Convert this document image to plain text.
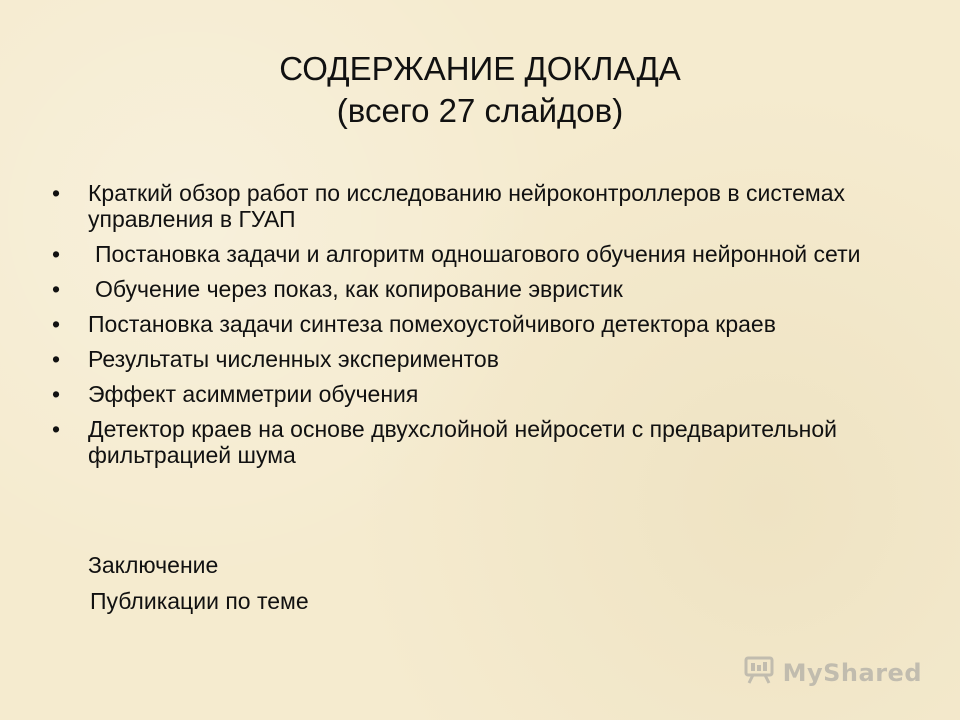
СОДЕРЖАНИЕ ДОКЛАДА
(всего 27 слайдов)
• Краткий обзор работ по исследованию нейроконтроллеров в системах управления в ГУАП
• Постановка задачи и алгоритм одношагового обучения нейронной сети
• Обучение через показ, как копирование эвристик
• Постановка задачи синтеза помехоустойчивого детектора краев
• Результаты численных экспериментов
• Эффект асимметрии обучения
• Детектор краев на основе двухслойной нейросети с предварительной фильтрацией шума
Заключение
Публикации по теме
MyShared
